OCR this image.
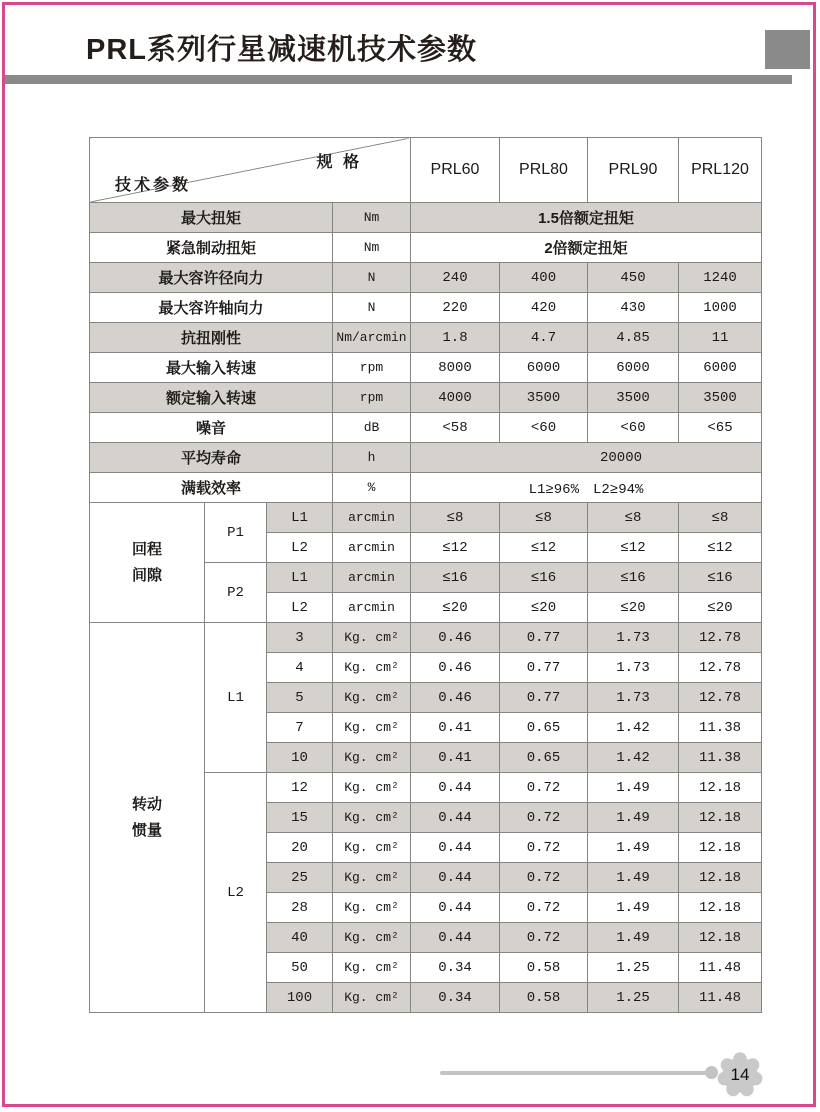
PRL系列行星减速机技术参数
规 格
技术参数				PRL60	PRL80	PRL90	PRL120
最大扭矩			Nm	1.5倍额定扭矩			
紧急制动扭矩			Nm	2倍额定扭矩			
最大容许径向力			N	240	400	450	1240
最大容许轴向力			N	220	420	430	1000
抗扭刚性			Nm/arcmin	1.8	4.7	4.85	11
最大输入转速			rpm	8000	6000	6000	6000
额定输入转速			rpm	4000	3500	3500	3500
噪音			dB	<58	<60	<60	<65
平均寿命			h	20000			
满载效率			%	L1≥96%　L2≥94%			

回程
间隙	P1	L1	arcmin	≤8	≤8	≤8	≤8
		L2	arcmin	≤12	≤12	≤12	≤12
	P2	L1	arcmin	≤16	≤16	≤16	≤16
		L2	arcmin	≤20	≤20	≤20	≤20

转动
惯量	L1	3	Kg. cm²	0.46	0.77	1.73	12.78
		4	Kg. cm²	0.46	0.77	1.73	12.78
		5	Kg. cm²	0.46	0.77	1.73	12.78
		7	Kg. cm²	0.41	0.65	1.42	11.38
		10	Kg. cm²	0.41	0.65	1.42	11.38
	L2	12	Kg. cm²	0.44	0.72	1.49	12.18
		15	Kg. cm²	0.44	0.72	1.49	12.18
		20	Kg. cm²	0.44	0.72	1.49	12.18
		25	Kg. cm²	0.44	0.72	1.49	12.18
		28	Kg. cm²	0.44	0.72	1.49	12.18
		40	Kg. cm²	0.44	0.72	1.49	12.18
		50	Kg. cm²	0.34	0.58	1.25	11.48
		100	Kg. cm²	0.34	0.58	1.25	11.48
14
